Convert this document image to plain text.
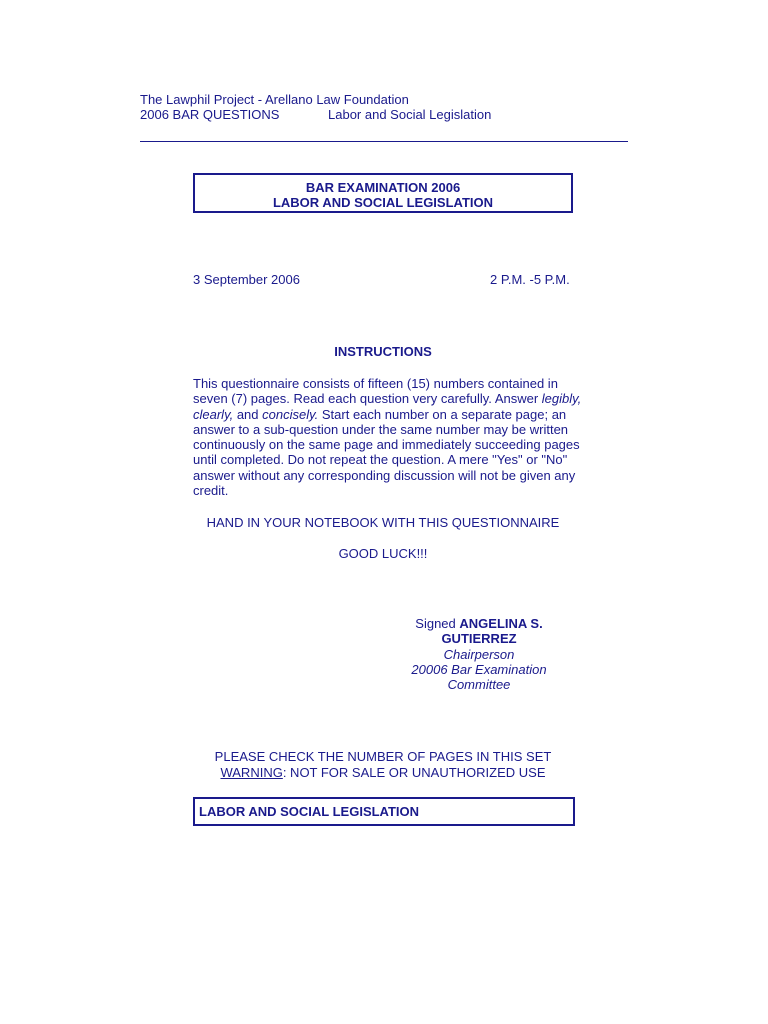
The Lawphil Project - Arellano Law Foundation
2006 BAR QUESTIONS	Labor and Social Legislation
BAR EXAMINATION 2006
LABOR AND SOCIAL LEGISLATION
3 September 2006	2 P.M. -5 P.M.
INSTRUCTIONS
This questionnaire consists of fifteen (15) numbers contained in seven (7) pages. Read each question very carefully. Answer legibly, clearly, and concisely. Start each number on a separate page; an answer to a sub-question under the same number may be written continuously on the same page and immediately succeeding pages until completed. Do not repeat the question. A mere "Yes" or "No" answer without any corresponding discussion will not be given any credit.
HAND IN YOUR NOTEBOOK WITH THIS QUESTIONNAIRE
GOOD LUCK!!!
Signed ANGELINA S. GUTIERREZ
Chairperson
20006 Bar Examination
Committee
PLEASE CHECK THE NUMBER OF PAGES IN THIS SET
WARNING: NOT FOR SALE OR UNAUTHORIZED USE
LABOR AND SOCIAL LEGISLATION
